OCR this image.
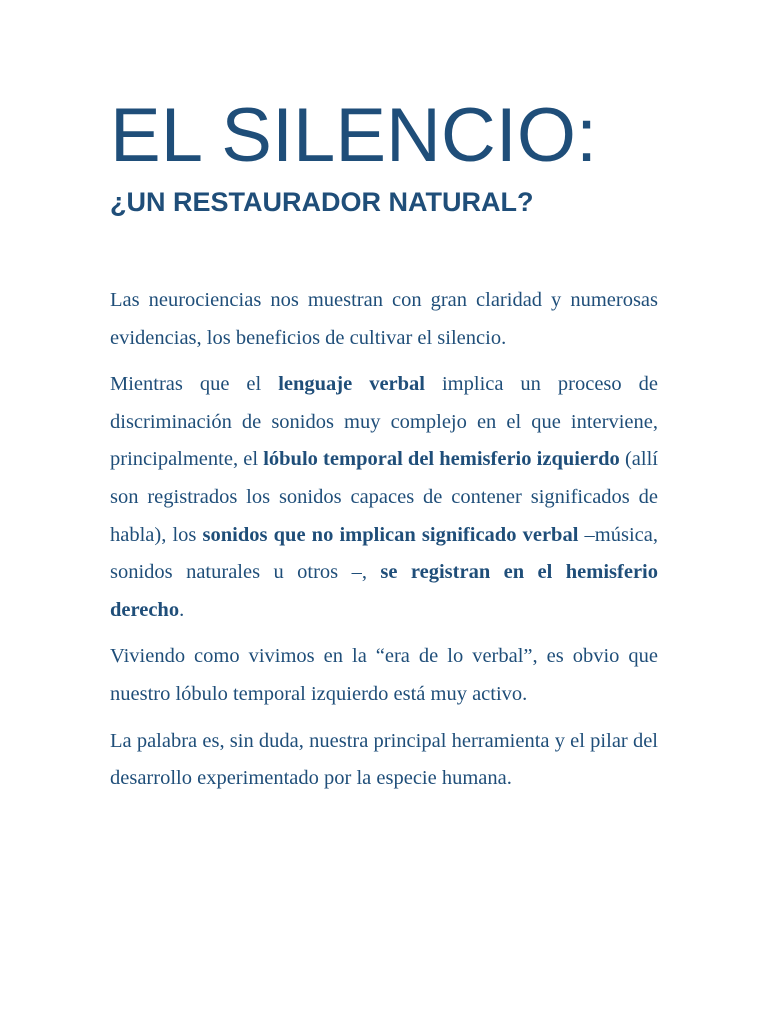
EL SILENCIO:
¿UN RESTAURADOR NATURAL?

Las neurociencias nos muestran con gran claridad y numerosas evidencias, los beneficios de cultivar el silencio.

Mientras que el lenguaje verbal implica un proceso de discriminación de sonidos muy complejo en el que interviene, principalmente, el lóbulo temporal del hemisferio izquierdo (allí son registrados los sonidos capaces de contener significados de habla), los sonidos que no implican significado verbal –música, sonidos naturales u otros –, se registran en el hemisferio derecho.

Viviendo como vivimos en la “era de lo verbal”, es obvio que nuestro lóbulo temporal izquierdo está muy activo.

La palabra es, sin duda, nuestra principal herramienta y el pilar del desarrollo experimentado por la especie humana.
